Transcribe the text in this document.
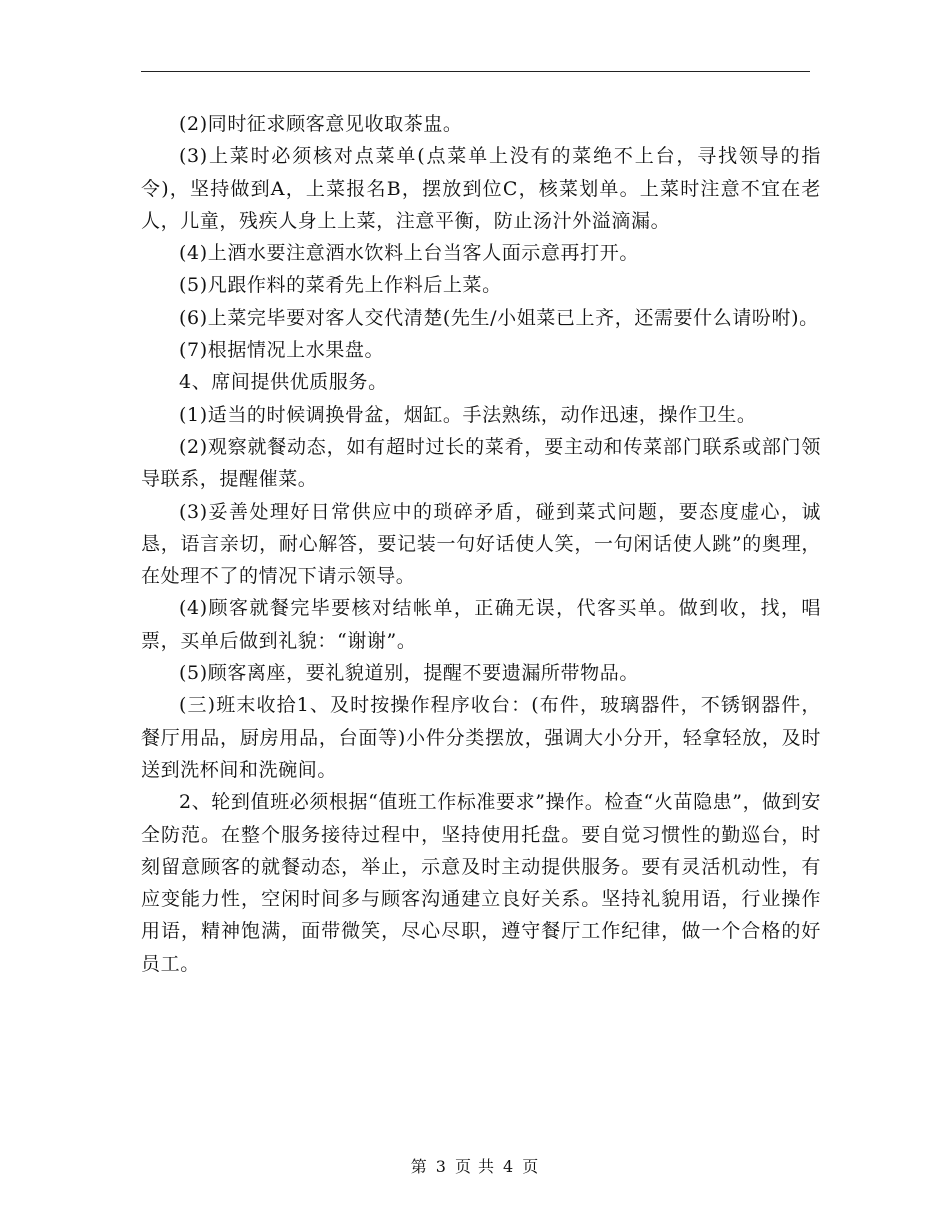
(2)同时征求顾客意见收取茶盅。

(3)上菜时必须核对点菜单(点菜单上没有的菜绝不上台，寻找领导的指令)，坚持做到A，上菜报名B，摆放到位C，核菜划单。上菜时注意不宜在老人，儿童，残疾人身上上菜，注意平衡，防止汤汁外溢滴漏。

(4)上酒水要注意酒水饮料上台当客人面示意再打开。

(5)凡跟作料的菜肴先上作料后上菜。

(6)上菜完毕要对客人交代清楚(先生/小姐菜已上齐，还需要什么请吩咐)。

(7)根据情况上水果盘。

4、席间提供优质服务。

(1)适当的时候调换骨盆，烟缸。手法熟练，动作迅速，操作卫生。

(2)观察就餐动态，如有超时过长的菜肴，要主动和传菜部门联系或部门领导联系，提醒催菜。

(3)妥善处理好日常供应中的琐碎矛盾，碰到菜式问题，要态度虚心，诚恳，语言亲切，耐心解答，要记装一句好话使人笑，一句闲话使人跳”的奥理，在处理不了的情况下请示领导。

(4)顾客就餐完毕要核对结帐单，正确无误，代客买单。做到收，找，唱票，买单后做到礼貌：“谢谢”。

(5)顾客离座，要礼貌道别，提醒不要遗漏所带物品。

(三)班末收拾1、及时按操作程序收台：(布件，玻璃器件，不锈钢器件，餐厅用品，厨房用品，台面等)小件分类摆放，强调大小分开，轻拿轻放，及时送到洗杯间和洗碗间。

2、轮到值班必须根据“值班工作标准要求”操作。检查“火苗隐患”，做到安全防范。在整个服务接待过程中，坚持使用托盘。要自觉习惯性的勤巡台，时刻留意顾客的就餐动态，举止，示意及时主动提供服务。要有灵活机动性，有应变能力性，空闲时间多与顾客沟通建立良好关系。坚持礼貌用语，行业操作用语，精神饱满，面带微笑，尽心尽职，遵守餐厅工作纪律，做一个合格的好员工。

第 3 页 共 4 页
